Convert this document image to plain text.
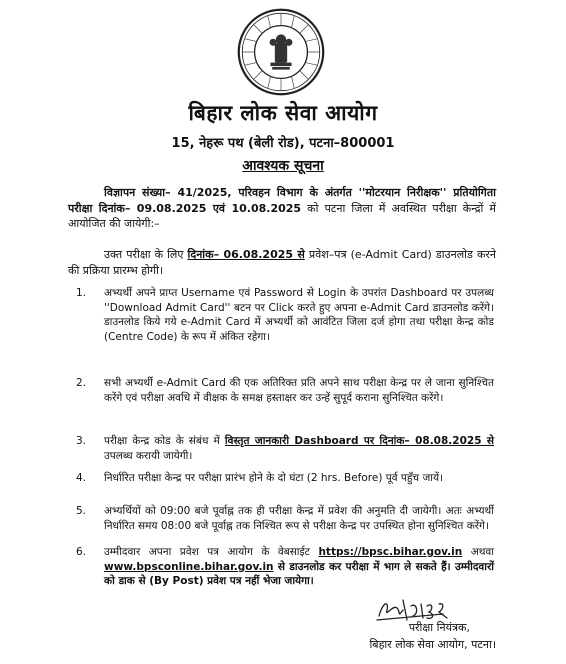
बिहार लोक सेवा आयोग
15, नेहरू पथ (बेली रोड), पटना–800001
आवश्यक सूचना
विज्ञापन संख्या– 41/2025, परिवहन विभाग के अंतर्गत ''मोटरयान निरीक्षक'' प्रतियोगिता परीक्षा दिनांक– 09.08.2025 एवं 10.08.2025 को पटना जिला में अवस्थित परीक्षा केन्द्रों में आयोजित की जायेगी:–
उक्त परीक्षा के लिए दिनांक– 06.08.2025 से प्रवेश–पत्र (e-Admit Card) डाउनलोड करने की प्रक्रिया प्रारम्भ होगी।
1.	अभ्यर्थी अपने प्राप्त Username एवं Password से Login के उपरांत Dashboard पर उपलब्ध ''Download Admit Card'' बटन पर Click करते हुए अपना e-Admit Card डाउनलोड करेंगे। डाउनलोड किये गये e-Admit Card में अभ्यर्थी को आवंटित जिला दर्ज होगा तथा परीक्षा केन्द्र कोड (Centre Code) के रूप में अंकित रहेगा।
2.	सभी अभ्यर्थी e-Admit Card की एक अतिरिक्त प्रति अपने साथ परीक्षा केन्द्र पर ले जाना सुनिश्चित करेंगे एवं परीक्षा अवधि में वीक्षक के समक्ष हस्ताक्षर कर उन्हें सुपूर्द कराना सुनिश्चित करेंगे।
3.	परीक्षा केन्द्र कोड के संबंध में विस्तृत जानकारी Dashboard पर दिनांक– 08.08.2025 से उपलब्ध करायी जायेगी।
4.	निर्धारित परीक्षा केन्द्र पर परीक्षा प्रारंभ होने के दो घंटा (2 hrs. Before) पूर्व पहुँच जायें।
5.	अभ्यर्थियों को 09:00 बजे पूर्वाह्न तक ही परीक्षा केन्द्र में प्रवेश की अनुमति दी जायेगी। अतः अभ्यर्थी निर्धारित समय 08:00 बजे पूर्वाह्न तक निश्चित रूप से परीक्षा केन्द्र पर उपस्थित होना सुनिश्चित करेंगे।
6.	उम्मीदवार अपना प्रवेश पत्र आयोग के वेबसाईट https://bpsc.bihar.gov.in अथवा www.bpsconline.bihar.gov.in से डाउनलोड कर परीक्षा में भाग ले सकते हैं। उम्मीदवारों को डाक से (By Post) प्रवेश पत्र नहीं भेजा जायेगा।
परीक्षा नियंत्रक,
बिहार लोक सेवा आयोग, पटना।
